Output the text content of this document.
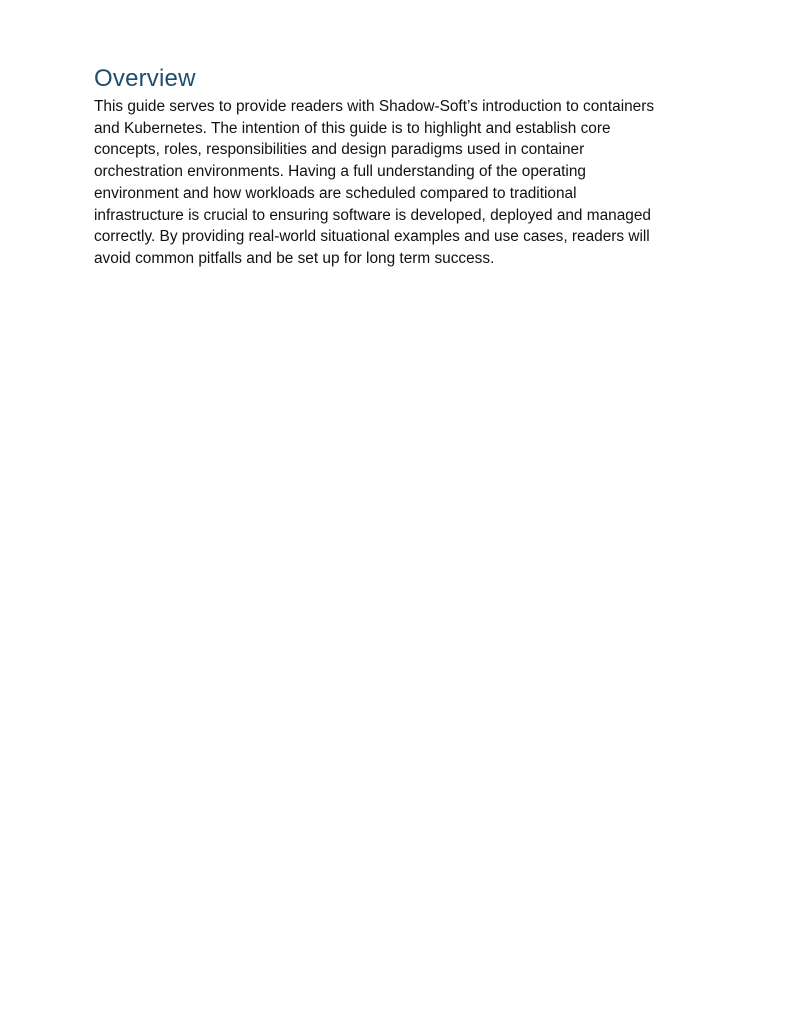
Overview

This guide serves to provide readers with Shadow-Soft’s introduction to containers
and Kubernetes. The intention of this guide is to highlight and establish core
concepts, roles, responsibilities and design paradigms used in container
orchestration environments. Having a full understanding of the operating
environment and how workloads are scheduled compared to traditional
infrastructure is crucial to ensuring software is developed, deployed and managed
correctly. By providing real-world situational examples and use cases, readers will
avoid common pitfalls and be set up for long term success.
